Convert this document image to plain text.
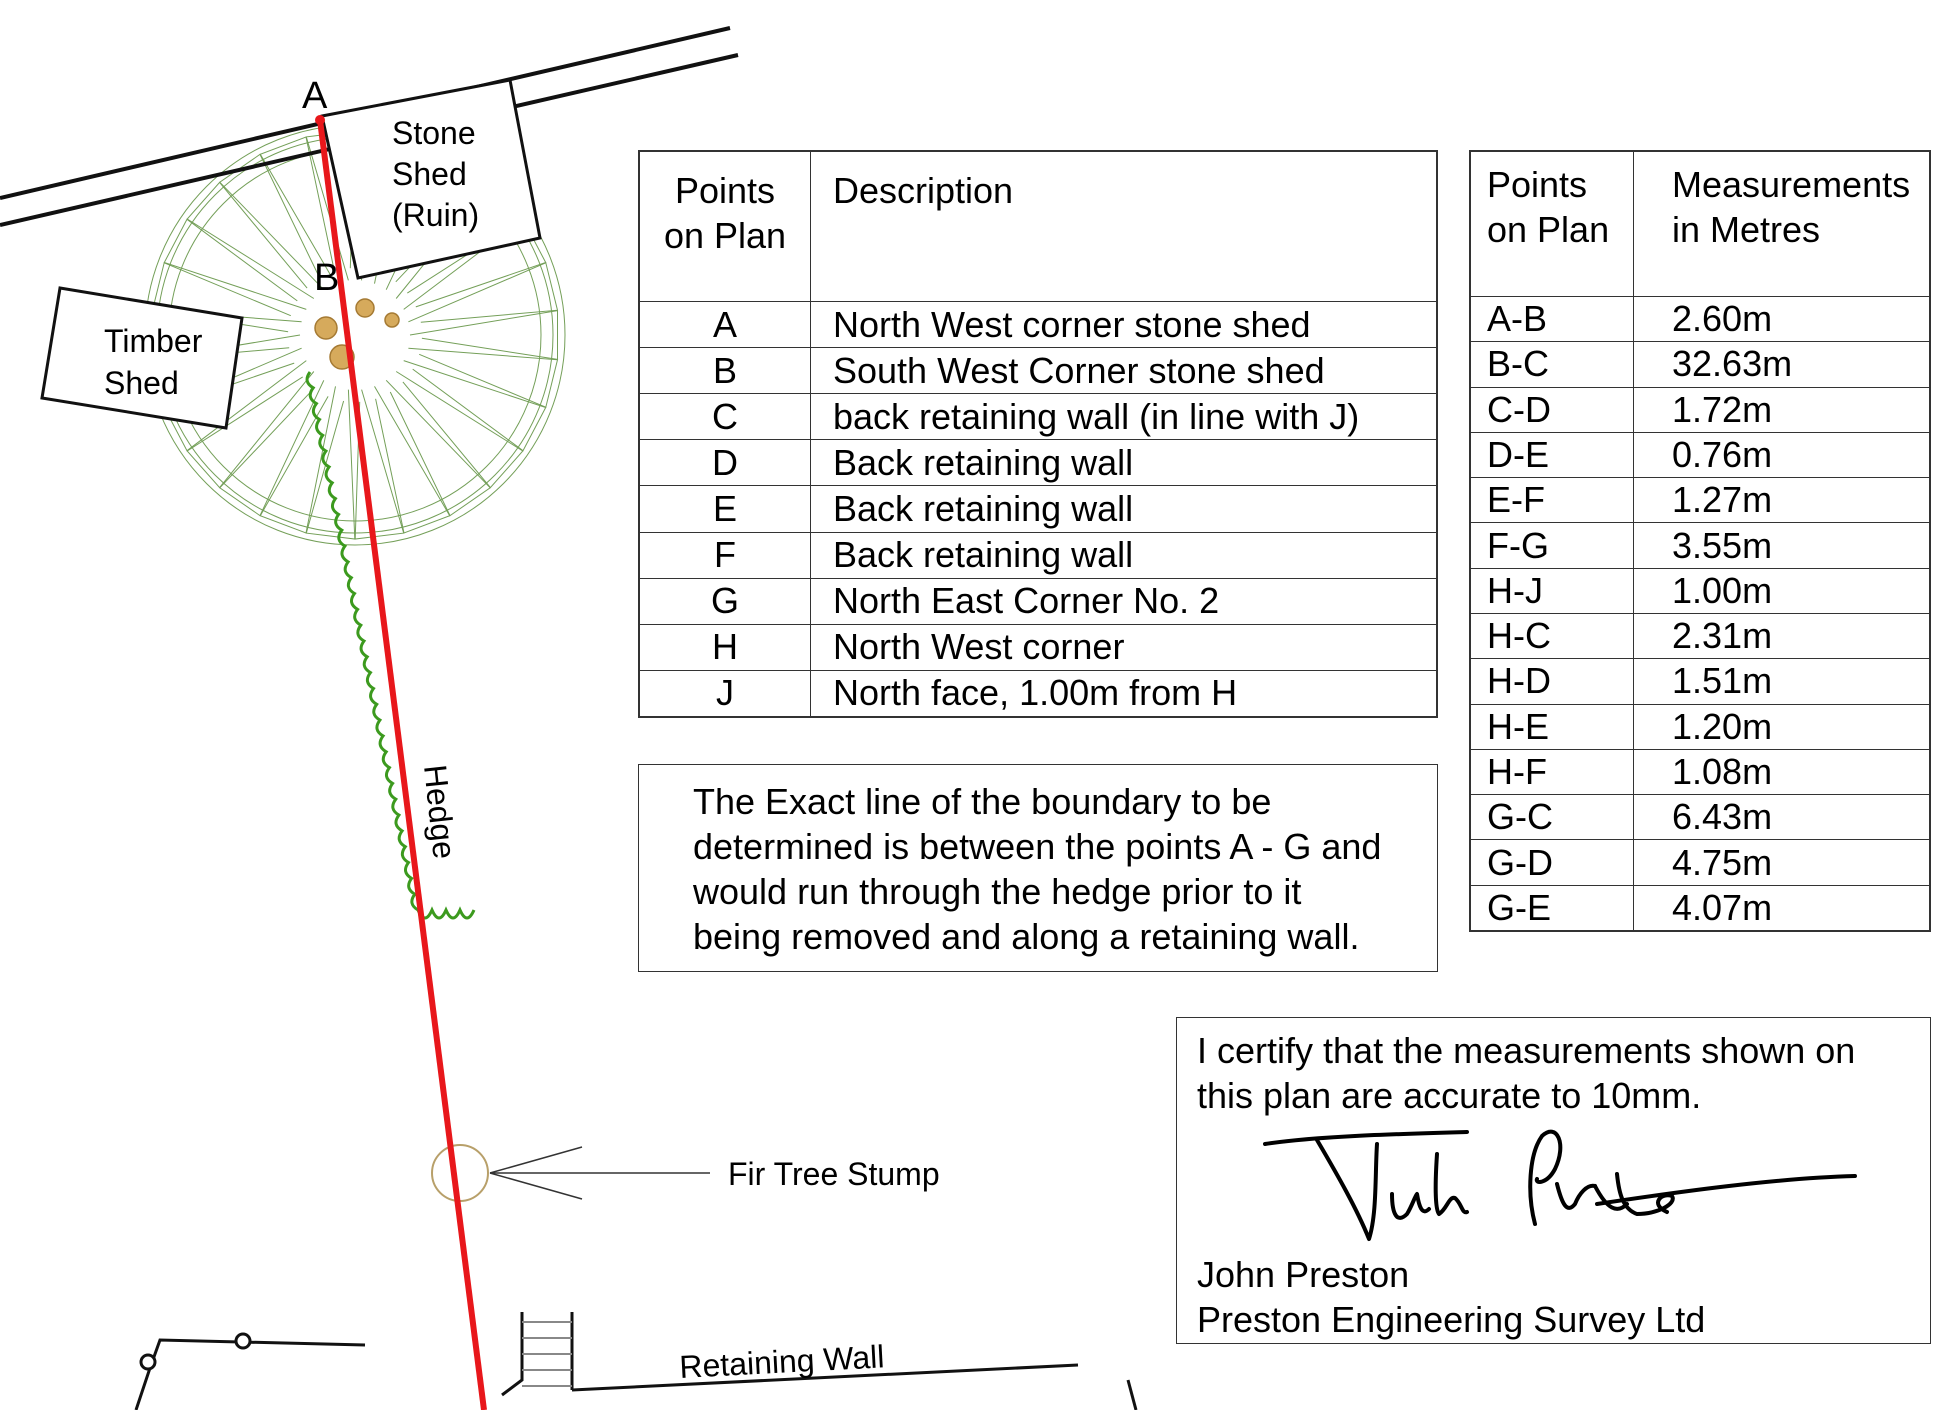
A
B
Stone
Shed
(Ruin)
Timber
Shed
Hedge
Fir Tree Stump
Retaining Wall
Points
on Plan	Description
A	North West corner stone shed
B	South West Corner stone shed
C	back retaining wall (in line with J)
D	Back retaining wall
E	Back retaining wall
F	Back retaining wall
G	North East Corner No. 2
H	North West corner
J	North face, 1.00m from H
The Exact line of the boundary to be
determined is between the points A - G and
would run through the hedge prior to it
being removed and along a retaining wall.
Points
on Plan	Measurements
in Metres
A-B	2.60m
B-C	32.63m
C-D	1.72m
D-E	0.76m
E-F	1.27m
F-G	3.55m
H-J	1.00m
H-C	2.31m
H-D	1.51m
H-E	1.20m
H-F	1.08m
G-C	6.43m
G-D	4.75m
G-E	4.07m
I certify that the measurements shown on
this plan are accurate to 10mm.
John Preston
Preston Engineering Survey Ltd
